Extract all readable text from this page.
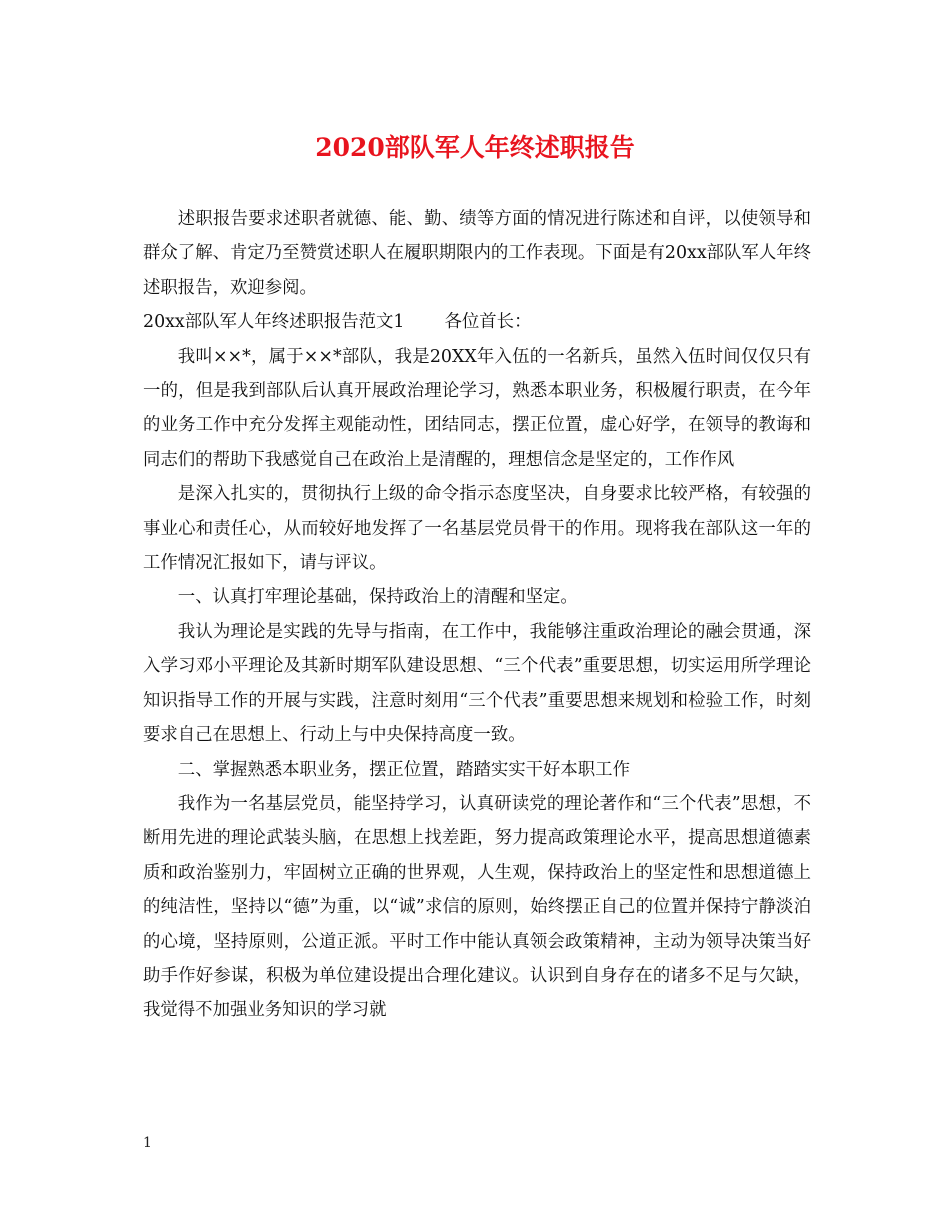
2020部队军人年终述职报告

述职报告要求述职者就德、能、勤、绩等方面的情况进行陈述和自评，以使领导和群众了解、肯定乃至赞赏述职人在履职期限内的工作表现。下面是有20xx部队军人年终述职报告，欢迎参阅。

20xx部队军人年终述职报告范文1 各位首长：

我叫××*，属于××*部队，我是20XX年入伍的一名新兵，虽然入伍时间仅仅只有一的，但是我到部队后认真开展政治理论学习，熟悉本职业务，积极履行职责，在今年的业务工作中充分发挥主观能动性，团结同志，摆正位置，虚心好学，在领导的教诲和同志们的帮助下我感觉自己在政治上是清醒的，理想信念是坚定的，工作作风

是深入扎实的，贯彻执行上级的命令指示态度坚决，自身要求比较严格，有较强的事业心和责任心，从而较好地发挥了一名基层党员骨干的作用。现将我在部队这一年的工作情况汇报如下，请与评议。

一、认真打牢理论基础，保持政治上的清醒和坚定。

我认为理论是实践的先导与指南，在工作中，我能够注重政治理论的融会贯通，深入学习邓小平理论及其新时期军队建设思想、“三个代表”重要思想，切实运用所学理论知识指导工作的开展与实践，注意时刻用“三个代表”重要思想来规划和检验工作，时刻要求自己在思想上、行动上与中央保持高度一致。

二、掌握熟悉本职业务，摆正位置，踏踏实实干好本职工作

我作为一名基层党员，能坚持学习，认真研读党的理论著作和“三个代表”思想，不断用先进的理论武装头脑，在思想上找差距，努力提高政策理论水平，提高思想道德素质和政治鉴别力，牢固树立正确的世界观，人生观，保持政治上的坚定性和思想道德上的纯洁性，坚持以“德”为重，以“诚”求信的原则，始终摆正自己的位置并保持宁静淡泊的心境，坚持原则，公道正派。平时工作中能认真领会政策精神，主动为领导决策当好助手作好参谋，积极为单位建设提出合理化建议。认识到自身存在的诸多不足与欠缺，我觉得不加强业务知识的学习就

1
